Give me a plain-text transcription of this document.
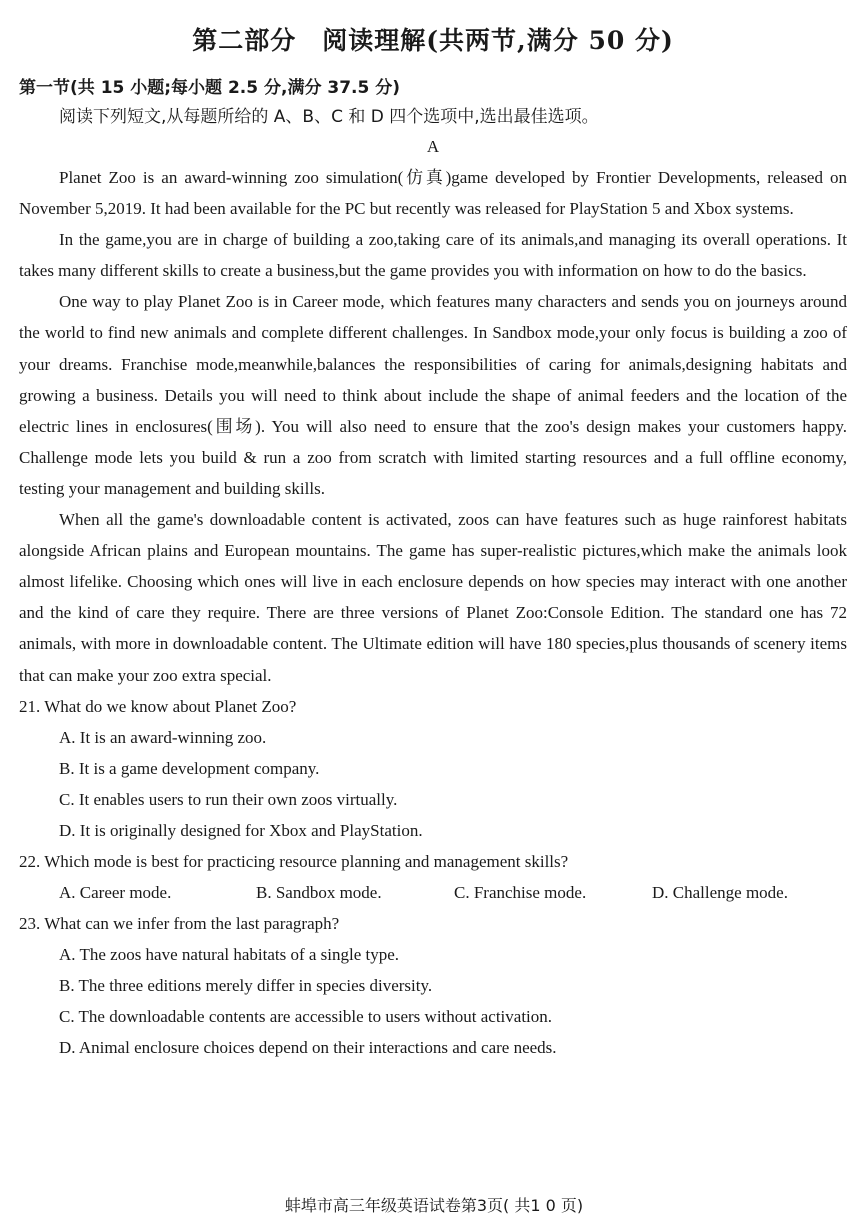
第二部分　阅读理解(共两节,满分 50 分)

第一节(共 15 小题;每小题 2.5 分,满分 37.5 分)

阅读下列短文,从每题所给的 A、B、C 和 D 四个选项中,选出最佳选项。

A

Planet Zoo is an award-winning zoo simulation(仿真)game developed by Frontier Developments, released on November 5,2019. It had been available for the PC but recently was released for PlayStation 5 and Xbox systems.

In the game,you are in charge of building a zoo,taking care of its animals,and managing its overall operations. It takes many different skills to create a business,but the game provides you with information on how to do the basics.

One way to play Planet Zoo is in Career mode, which features many characters and sends you on journeys around the world to find new animals and complete different challenges. In Sandbox mode,your only focus is building a zoo of your dreams. Franchise mode,meanwhile,balances the responsibilities of caring for animals,designing habitats and growing a business. Details you will need to think about include the shape of animal feeders and the location of the electric lines in enclosures(围场). You will also need to ensure that the zoo's design makes your customers happy. Challenge mode lets you build & run a zoo from scratch with limited starting resources and a full offline economy, testing your management and building skills.

When all the game's downloadable content is activated, zoos can have features such as huge rainforest habitats alongside African plains and European mountains. The game has super-realistic pictures,which make the animals look almost lifelike. Choosing which ones will live in each enclosure depends on how species may interact with one another and the kind of care they require. There are three versions of Planet Zoo:Console Edition. The standard one has 72 animals, with more in downloadable content. The Ultimate edition will have 180 species,plus thousands of scenery items that can make your zoo extra special.

21. What do we know about Planet Zoo?

A. It is an award-winning zoo.

B. It is a game development company.

C. It enables users to run their own zoos virtually.

D. It is originally designed for Xbox and PlayStation.

22. Which mode is best for practicing resource planning and management skills?

A. Career mode.	B. Sandbox mode.	C. Franchise mode.	D. Challenge mode.

23. What can we infer from the last paragraph?

A. The zoos have natural habitats of a single type.

B. The three editions merely differ in species diversity.

C. The downloadable contents are accessible to users without activation.

D. Animal enclosure choices depend on their interactions and care needs.

蚌埠市高三年级英语试卷第3页( 共1 0 页)
